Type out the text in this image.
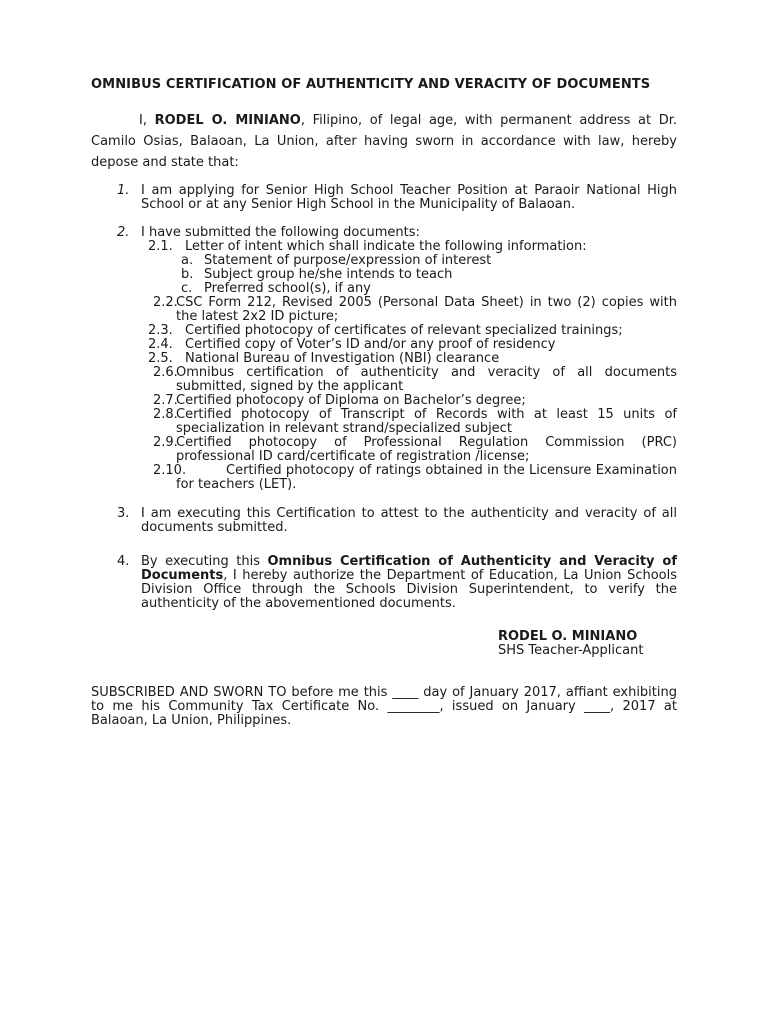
OMNIBUS CERTIFICATION OF AUTHENTICITY AND VERACITY OF DOCUMENTS
I, RODEL O. MINIANO, Filipino, of legal age, with permanent address at Dr. Camilo Osias, Balaoan, La Union, after having sworn in accordance with law, hereby depose and state that:
1. I am applying for Senior High School Teacher Position at Paraoir National High School or at any Senior High School in the Municipality of Balaoan.
2. I have submitted the following documents:
2.1. Letter of intent which shall indicate the following information:
a. Statement of purpose/expression of interest
b. Subject group he/she intends to teach
c. Preferred school(s), if any
2.2.
CSC Form 212, Revised 2005 (Personal Data Sheet) in two (2) copies with the latest 2x2 ID picture;
2.3. Certified photocopy of certificates of relevant specialized trainings;
2.4. Certified copy of Voter’s ID and/or any proof of residency
2.5. National Bureau of Investigation (NBI) clearance
2.6.
Omnibus certification of authenticity and veracity of all documents submitted, signed by the applicant
2.7.
Certified photocopy of Diploma on Bachelor’s degree;
2.8.
Certified photocopy of Transcript of Records with at least 15 units of specialization in relevant strand/specialized subject
2.9.
Certified photocopy of Professional Regulation Commission (PRC) professional ID card/certificate of registration /license;
2.10.	Certified photocopy of ratings obtained in the Licensure Examination for teachers (LET).
3. I am executing this Certification to attest to the authenticity and veracity of all documents submitted.
4. By executing this Omnibus Certification of Authenticity and Veracity of Documents, I hereby authorize the Department of Education, La Union Schools Division Office through the Schools Division Superintendent, to verify the authenticity of the abovementioned documents.
RODEL O. MINIANO
SHS Teacher-Applicant
SUBSCRIBED AND SWORN TO before me this ____ day of January 2017, affiant exhibiting to me his Community Tax Certificate No. ________, issued on January ____, 2017 at Balaoan, La Union, Philippines.
